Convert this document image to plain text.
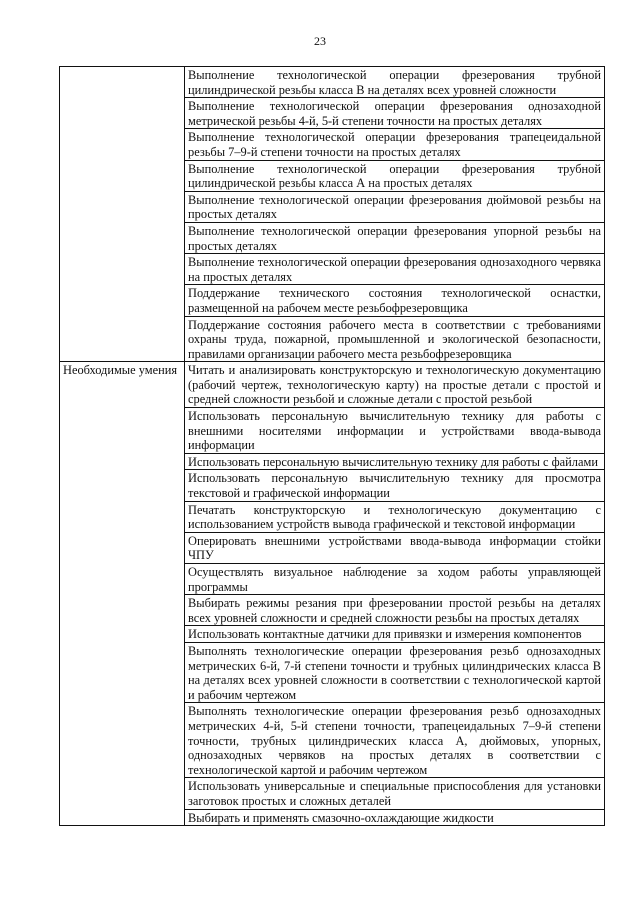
23
	Выполнение технологической операции фрезерования трубной цилиндрической резьбы класса В на деталях всех уровней сложности
	Выполнение технологической операции фрезерования однозаходной метрической резьбы 4-й, 5-й степени точности на простых деталях
	Выполнение технологической операции фрезерования трапецеидальной резьбы 7–9-й степени точности на простых деталях
	Выполнение технологической операции фрезерования трубной цилиндрической резьбы класса А на простых деталях
	Выполнение технологической операции фрезерования дюймовой резьбы на простых деталях
	Выполнение технологической операции фрезерования упорной резьбы на простых деталях
	Выполнение технологической операции фрезерования однозаходного червяка на простых деталях
	Поддержание технического состояния технологической оснастки, размещенной на рабочем месте резьбофрезеровщика
	Поддержание состояния рабочего места в соответствии с требованиями охраны труда, пожарной, промышленной и экологической безопасности, правилами организации рабочего места резьбофрезеровщика
Необходимые умения	Читать и анализировать конструкторскую и технологическую документацию (рабочий чертеж, технологическую карту) на простые детали с простой и средней сложности резьбой и сложные детали с простой резьбой
	Использовать персональную вычислительную технику для работы с внешними носителями информации и устройствами ввода-вывода информации
	Использовать персональную вычислительную технику для работы с файлами
	Использовать персональную вычислительную технику для просмотра текстовой и графической информации
	Печатать конструкторскую и технологическую документацию с использованием устройств вывода графической и текстовой информации
	Оперировать внешними устройствами ввода-вывода информации стойки ЧПУ
	Осуществлять визуальное наблюдение за ходом работы управляющей программы
	Выбирать режимы резания при фрезеровании простой резьбы на деталях всех уровней сложности и средней сложности резьбы на простых деталях
	Использовать контактные датчики для привязки и измерения компонентов
	Выполнять технологические операции фрезерования резьб однозаходных метрических 6-й, 7-й степени точности и трубных цилиндрических класса В на деталях всех уровней сложности в соответствии с технологической картой и рабочим чертежом
	Выполнять технологические операции фрезерования резьб однозаходных метрических 4-й, 5-й степени точности, трапецеидальных 7–9-й степени точности, трубных цилиндрических класса А, дюймовых, упорных, однозаходных червяков на простых деталях в соответствии с технологической картой и рабочим чертежом
	Использовать универсальные и специальные приспособления для установки заготовок простых и сложных деталей
	Выбирать и применять смазочно-охлаждающие жидкости
